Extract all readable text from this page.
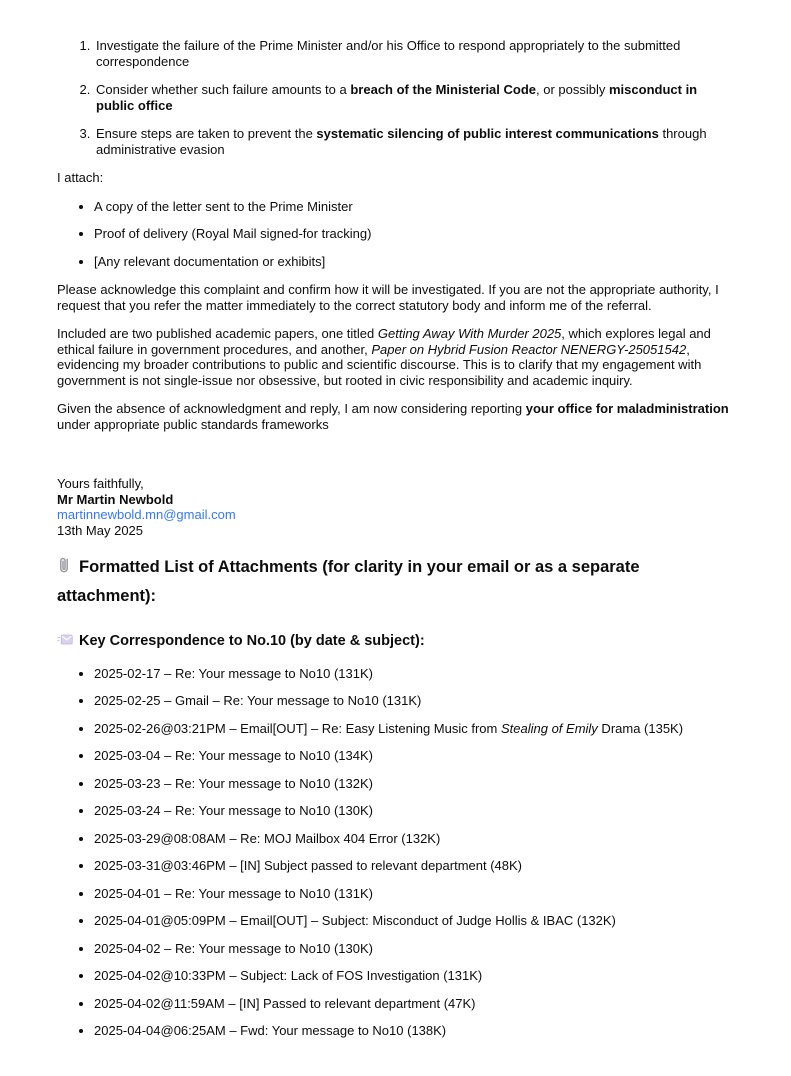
1. Investigate the failure of the Prime Minister and/or his Office to respond appropriately to the submitted correspondence
2. Consider whether such failure amounts to a breach of the Ministerial Code, or possibly misconduct in public office
3. Ensure steps are taken to prevent the systematic silencing of public interest communications through administrative evasion

I attach:

• A copy of the letter sent to the Prime Minister
• Proof of delivery (Royal Mail signed-for tracking)
• [Any relevant documentation or exhibits]

Please acknowledge this complaint and confirm how it will be investigated. If you are not the appropriate authority, I request that you refer the matter immediately to the correct statutory body and inform me of the referral.

Included are two published academic papers, one titled Getting Away With Murder 2025, which explores legal and ethical failure in government procedures, and another, Paper on Hybrid Fusion Reactor NENERGY-25051542, evidencing my broader contributions to public and scientific discourse. This is to clarify that my engagement with government is not single-issue nor obsessive, but rooted in civic responsibility and academic inquiry.

Given the absence of acknowledgment and reply, I am now considering reporting your office for maladministration under appropriate public standards frameworks

Yours faithfully,
Mr Martin Newbold
martinnewbold.mn@gmail.com
13th May 2025
Formatted List of Attachments (for clarity in your email or as a separate attachment):
Key Correspondence to No.10 (by date & subject):
• 2025-02-17 – Re: Your message to No10 (131K)
• 2025-02-25 – Gmail – Re: Your message to No10 (131K)
• 2025-02-26@03:21PM – Email[OUT] – Re: Easy Listening Music from Stealing of Emily Drama (135K)
• 2025-03-04 – Re: Your message to No10 (134K)
• 2025-03-23 – Re: Your message to No10 (132K)
• 2025-03-24 – Re: Your message to No10 (130K)
• 2025-03-29@08:08AM – Re: MOJ Mailbox 404 Error (132K)
• 2025-03-31@03:46PM – [IN] Subject passed to relevant department (48K)
• 2025-04-01 – Re: Your message to No10 (131K)
• 2025-04-01@05:09PM – Email[OUT] – Subject: Misconduct of Judge Hollis & IBAC (132K)
• 2025-04-02 – Re: Your message to No10 (130K)
• 2025-04-02@10:33PM – Subject: Lack of FOS Investigation (131K)
• 2025-04-02@11:59AM – [IN] Passed to relevant department (47K)
• 2025-04-04@06:25AM – Fwd: Your message to No10 (138K)
